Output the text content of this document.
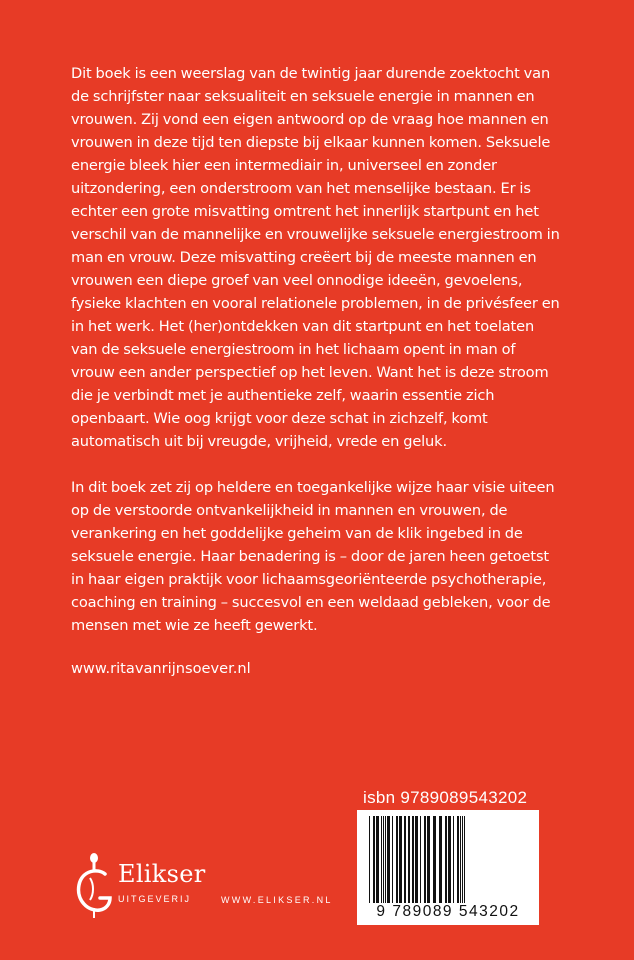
Dit boek is een weerslag van de twintig jaar durende zoektocht van de schrijfster naar seksualiteit en seksuele energie in mannen en vrouwen. Zij vond een eigen antwoord op de vraag hoe mannen en vrouwen in deze tijd ten diepste bij elkaar kunnen komen. Seksuele energie bleek hier een intermediair in, universeel en zonder uitzondering, een onderstroom van het menselijke bestaan. Er is echter een grote misvatting omtrent het innerlijk startpunt en het verschil van de mannelijke en vrouwelijke seksuele energiestroom in man en vrouw. Deze misvatting creëert bij de meeste mannen en vrouwen een diepe groef van veel onnodige ideeën, gevoelens, fysieke klachten en vooral relationele problemen, in de privésfeer en in het werk. Het (her)ontdekken van dit startpunt en het toelaten van de seksuele energiestroom in het lichaam opent in man of vrouw een ander perspectief op het leven. Want het is deze stroom die je verbindt met je authentieke zelf, waarin essentie zich openbaart. Wie oog krijgt voor deze schat in zichzelf, komt automatisch uit bij vreugde, vrijheid, vrede en geluk.

In dit boek zet zij op heldere en toegankelijke wijze haar visie uiteen op de verstoorde ontvankelijkheid in mannen en vrouwen, de verankering en het goddelijke geheim van de klik ingebed in de seksuele energie. Haar benadering is – door de jaren heen getoetst in haar eigen praktijk voor lichaamsgeoriënteerde psychotherapie, coaching en training – succesvol en een weldaad gebleken, voor de mensen met wie ze heeft gewerkt.

www.ritavanrijnsoever.nl
isbn 9789089543202
9 789089 543202
Elikser
UITGEVERIJ	WWW.ELIKSER.NL
